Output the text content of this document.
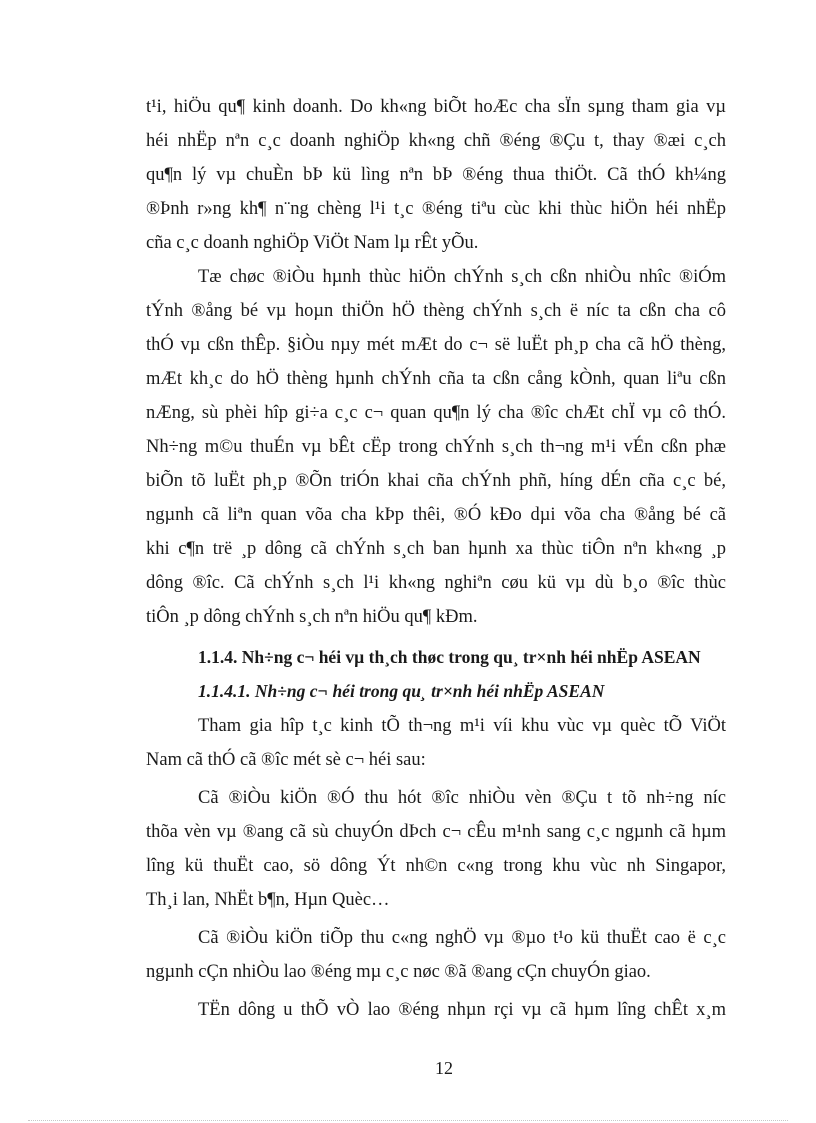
t¹i, hiÖu qu¶ kinh doanh. Do kh«ng biÕt hoÆc cha sÏn sµng tham gia vµ
héi nhËp nªn c¸c doanh nghiÖp kh«ng chñ ®éng ®Çu t, thay ®æi c¸ch
qu¶n lý vµ chuÈn bÞ kü lìng nªn bÞ ®éng thua thiÖt. Cã thÓ kh¼ng
®Þnh r»ng kh¶ n¨ng chèng l¹i t¸c ®éng tiªu cùc khi thùc hiÖn héi nhËp
cña c¸c doanh nghiÖp ViÖt Nam lµ rÊt yÕu.
Tæ chøc ®iÒu hµnh thùc hiÖn chÝnh s¸ch cßn nhiÒu nhîc ®iÓm
tÝnh ®ång bé vµ hoµn thiÖn hÖ thèng chÝnh s¸ch ë níc ta cßn cha cô
thÓ vµ cßn thÊp. §iÒu nµy mét mÆt do c¬ së luËt ph¸p cha cã hÖ thèng,
mÆt kh¸c do hÖ thèng hµnh chÝnh cña ta cßn cång kÒnh, quan liªu cßn
nÆng, sù phèi hîp gi÷a c¸c c¬ quan qu¶n lý cha ®îc chÆt chÏ vµ cô thÓ.
Nh÷ng m©u thuÉn vµ bÊt cËp trong chÝnh s¸ch th¬ng m¹i vÉn cßn phæ
biÕn tõ luËt ph¸p ®Õn triÓn khai cña chÝnh phñ, híng dÉn cña c¸c bé,
ngµnh cã liªn quan võa cha kÞp thêi, ®Ó kÐo dµi võa cha ®ång bé cã
khi c¶n trë ¸p dông cã chÝnh s¸ch ban hµnh xa thùc tiÔn nªn kh«ng ¸p
dông ®îc. Cã chÝnh s¸ch l¹i kh«ng nghiªn cøu kü vµ dù b¸o ®îc thùc
tiÔn ¸p dông chÝnh s¸ch nªn hiÖu qu¶ kÐm.
1.1.4. Nh÷ng c¬ héi vµ th¸ch thøc trong qu¸ tr×nh héi nhËp ASEAN
1.1.4.1. Nh÷ng c¬ héi trong qu¸ tr×nh héi nhËp ASEAN
Tham gia hîp t¸c kinh tÕ th¬ng m¹i víi khu vùc vµ quèc tÕ ViÖt
Nam cã thÓ cã ®îc mét sè c¬ héi sau:
Cã ®iÒu kiÖn ®Ó thu hót ®îc nhiÒu vèn ®Çu t tõ nh÷ng níc
thõa vèn vµ ®ang cã sù chuyÓn dÞch c¬ cÊu m¹nh sang c¸c ngµnh cã hµm
lîng kü thuËt cao, sö dông Ýt nh©n c«ng trong khu vùc nh Singapor,
Th¸i lan, NhËt b¶n, Hµn Quèc…
Cã ®iÒu kiÖn tiÕp thu c«ng nghÖ vµ ®µo t¹o kü thuËt cao ë c¸c
ngµnh cÇn nhiÒu lao ®éng mµ c¸c nøc ®ã ®ang cÇn chuyÓn giao.
TËn dông u thÕ vÒ lao ®éng nhµn rçi vµ cã hµm lîng chÊt x¸m
12
